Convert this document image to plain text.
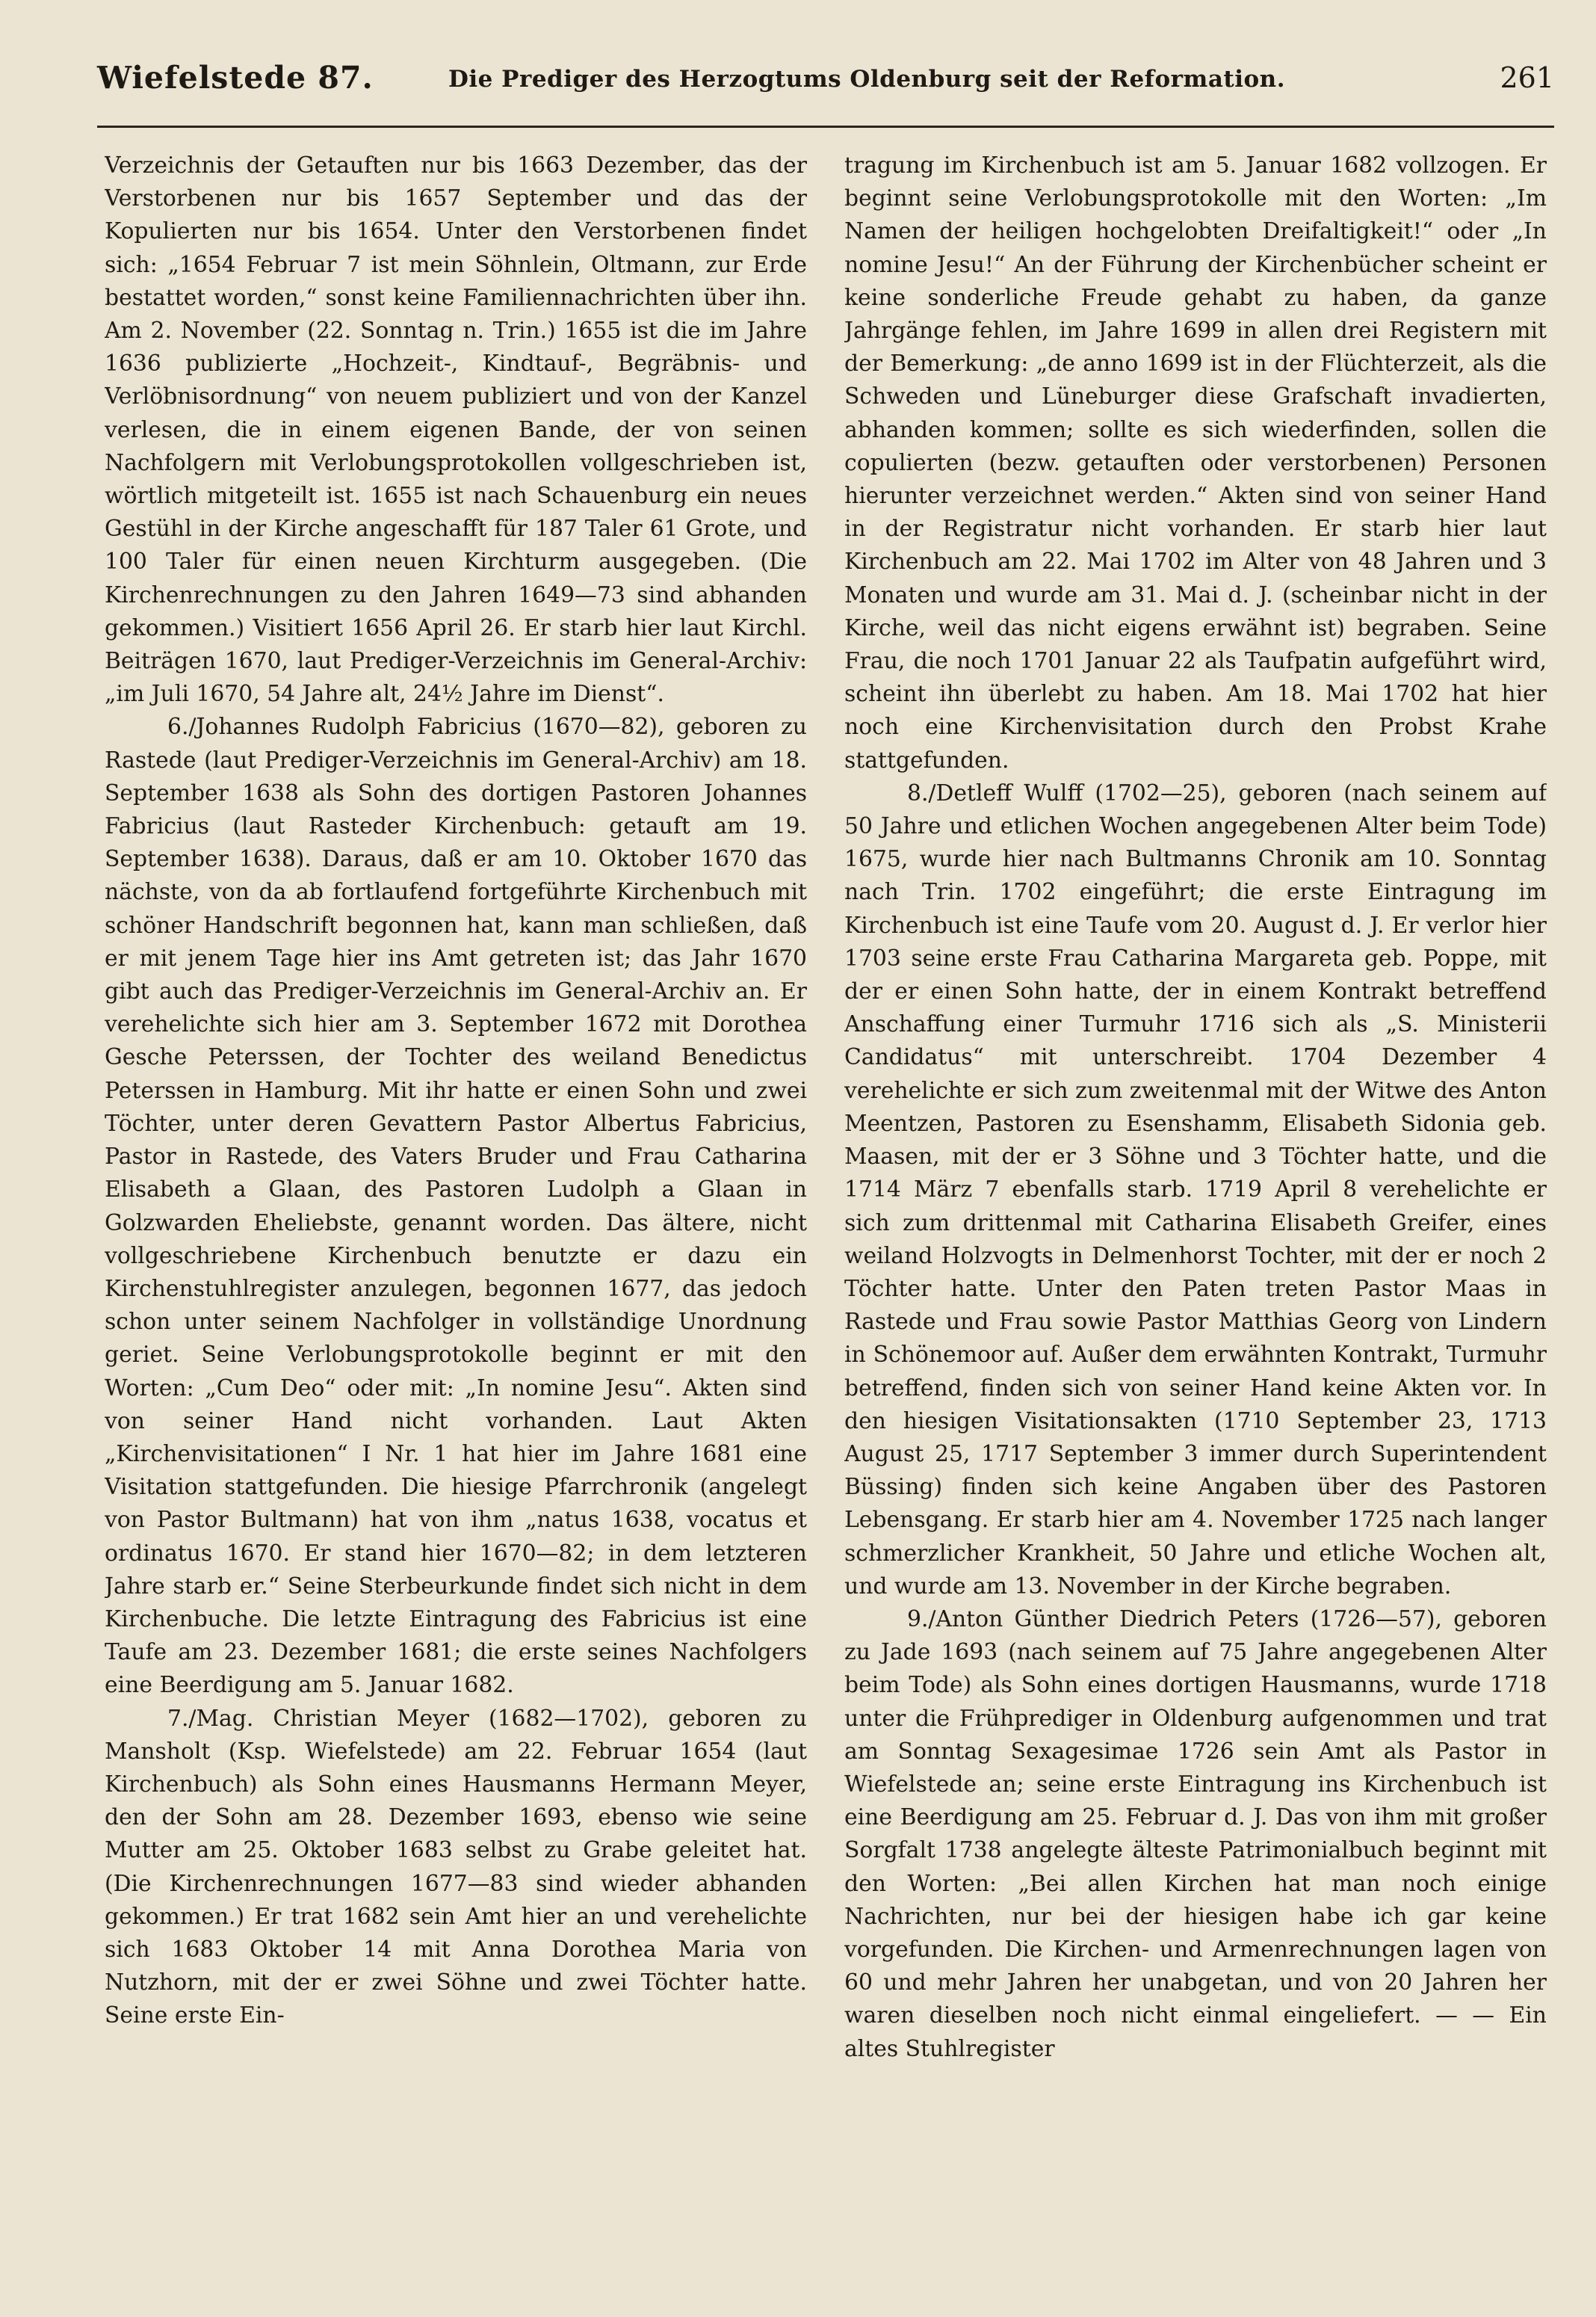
Wiefelstede 87.	Die Prediger des Herzogtums Oldenburg seit der Reformation.	261

Verzeichnis der Getauften nur bis 1663 Dezember, das der Verstorbenen nur bis 1657 September und das der Kopulierten nur bis 1654. Unter den Verstorbenen findet sich: „1654 Februar 7 ist mein Söhnlein, Oltmann, zur Erde bestattet worden,“ sonst keine Familiennachrichten über ihn. Am 2. November (22. Sonntag n. Trin.) 1655 ist die im Jahre 1636 publizierte „Hochzeit-, Kindtauf-, Begräbnis- und Verlöbnisordnung“ von neuem publiziert und von der Kanzel verlesen, die in einem eigenen Bande, der von seinen Nachfolgern mit Verlobungsprotokollen vollgeschrieben ist, wörtlich mitgeteilt ist. 1655 ist nach Schauenburg ein neues Gestühl in der Kirche angeschafft für 187 Taler 61 Grote, und 100 Taler für einen neuen Kirchturm ausgegeben. (Die Kirchenrechnungen zu den Jahren 1649—73 sind abhanden gekommen.) Visitiert 1656 April 26. Er starb hier laut Kirchl. Beiträgen 1670, laut Prediger-Verzeichnis im General-Archiv: „im Juli 1670, 54 Jahre alt, 24½ Jahre im Dienst“.

6./Johannes Rudolph Fabricius (1670—82), geboren zu Rastede (laut Prediger-Verzeichnis im General-Archiv) am 18. September 1638 als Sohn des dortigen Pastoren Johannes Fabricius (laut Rasteder Kirchenbuch: getauft am 19. September 1638). Daraus, daß er am 10. Oktober 1670 das nächste, von da ab fortlaufend fortgeführte Kirchenbuch mit schöner Handschrift begonnen hat, kann man schließen, daß er mit jenem Tage hier ins Amt getreten ist; das Jahr 1670 gibt auch das Prediger-Verzeichnis im General-Archiv an. Er verehelichte sich hier am 3. September 1672 mit Dorothea Gesche Peterssen, der Tochter des weiland Benedictus Peterssen in Hamburg. Mit ihr hatte er einen Sohn und zwei Töchter, unter deren Gevattern Pastor Albertus Fabricius, Pastor in Rastede, des Vaters Bruder und Frau Catharina Elisabeth a Glaan, des Pastoren Ludolph a Glaan in Golzwarden Eheliebste, genannt worden. Das ältere, nicht vollgeschriebene Kirchenbuch benutzte er dazu ein Kirchenstuhlregister anzulegen, begonnen 1677, das jedoch schon unter seinem Nachfolger in vollständige Unordnung geriet. Seine Verlobungsprotokolle beginnt er mit den Worten: „Cum Deo“ oder mit: „In nomine Jesu“. Akten sind von seiner Hand nicht vorhanden. Laut Akten „Kirchenvisitationen“ I Nr. 1 hat hier im Jahre 1681 eine Visitation stattgefunden. Die hiesige Pfarrchronik (angelegt von Pastor Bultmann) hat von ihm „natus 1638, vocatus et ordinatus 1670. Er stand hier 1670—82; in dem letzteren Jahre starb er.“ Seine Sterbeurkunde findet sich nicht in dem Kirchenbuche. Die letzte Eintragung des Fabricius ist eine Taufe am 23. Dezember 1681; die erste seines Nachfolgers eine Beerdigung am 5. Januar 1682.

7./Mag. Christian Meyer (1682—1702), geboren zu Mansholt (Ksp. Wiefelstede) am 22. Februar 1654 (laut Kirchenbuch) als Sohn eines Hausmanns Hermann Meyer, den der Sohn am 28. Dezember 1693, ebenso wie seine Mutter am 25. Oktober 1683 selbst zu Grabe geleitet hat. (Die Kirchenrechnungen 1677—83 sind wieder abhanden gekommen.) Er trat 1682 sein Amt hier an und verehelichte sich 1683 Oktober 14 mit Anna Dorothea Maria von Nutzhorn, mit der er zwei Söhne und zwei Töchter hatte. Seine erste Ein-

tragung im Kirchenbuch ist am 5. Januar 1682 vollzogen. Er beginnt seine Verlobungsprotokolle mit den Worten: „Im Namen der heiligen hochgelobten Dreifaltigkeit!“ oder „In nomine Jesu!“ An der Führung der Kirchenbücher scheint er keine sonderliche Freude gehabt zu haben, da ganze Jahrgänge fehlen, im Jahre 1699 in allen drei Registern mit der Bemerkung: „de anno 1699 ist in der Flüchterzeit, als die Schweden und Lüneburger diese Grafschaft invadierten, abhanden kommen; sollte es sich wiederfinden, sollen die copulierten (bezw. getauften oder verstorbenen) Personen hierunter verzeichnet werden.“ Akten sind von seiner Hand in der Registratur nicht vorhanden. Er starb hier laut Kirchenbuch am 22. Mai 1702 im Alter von 48 Jahren und 3 Monaten und wurde am 31. Mai d. J. (scheinbar nicht in der Kirche, weil das nicht eigens erwähnt ist) begraben. Seine Frau, die noch 1701 Januar 22 als Taufpatin aufgeführt wird, scheint ihn überlebt zu haben. Am 18. Mai 1702 hat hier noch eine Kirchenvisitation durch den Probst Krahe stattgefunden.

8./Detleff Wulff (1702—25), geboren (nach seinem auf 50 Jahre und etlichen Wochen angegebenen Alter beim Tode) 1675, wurde hier nach Bultmanns Chronik am 10. Sonntag nach Trin. 1702 eingeführt; die erste Eintragung im Kirchenbuch ist eine Taufe vom 20. August d. J. Er verlor hier 1703 seine erste Frau Catharina Margareta geb. Poppe, mit der er einen Sohn hatte, der in einem Kontrakt betreffend Anschaffung einer Turmuhr 1716 sich als „S. Ministerii Candidatus“ mit unterschreibt. 1704 Dezember 4 verehelichte er sich zum zweitenmal mit der Witwe des Anton Meentzen, Pastoren zu Esenshamm, Elisabeth Sidonia geb. Maasen, mit der er 3 Söhne und 3 Töchter hatte, und die 1714 März 7 ebenfalls starb. 1719 April 8 verehelichte er sich zum drittenmal mit Catharina Elisabeth Greifer, eines weiland Holzvogts in Delmenhorst Tochter, mit der er noch 2 Töchter hatte. Unter den Paten treten Pastor Maas in Rastede und Frau sowie Pastor Matthias Georg von Lindern in Schönemoor auf. Außer dem erwähnten Kontrakt, Turmuhr betreffend, finden sich von seiner Hand keine Akten vor. In den hiesigen Visitationsakten (1710 September 23, 1713 August 25, 1717 September 3 immer durch Superintendent Büssing) finden sich keine Angaben über des Pastoren Lebensgang. Er starb hier am 4. November 1725 nach langer schmerzlicher Krankheit, 50 Jahre und etliche Wochen alt, und wurde am 13. November in der Kirche begraben.

9./Anton Günther Diedrich Peters (1726—57), geboren zu Jade 1693 (nach seinem auf 75 Jahre angegebenen Alter beim Tode) als Sohn eines dortigen Hausmanns, wurde 1718 unter die Frühprediger in Oldenburg aufgenommen und trat am Sonntag Sexagesimae 1726 sein Amt als Pastor in Wiefelstede an; seine erste Eintragung ins Kirchenbuch ist eine Beerdigung am 25. Februar d. J. Das von ihm mit großer Sorgfalt 1738 angelegte älteste Patrimonialbuch beginnt mit den Worten: „Bei allen Kirchen hat man noch einige Nachrichten, nur bei der hiesigen habe ich gar keine vorgefunden. Die Kirchen- und Armenrechnungen lagen von 60 und mehr Jahren her unabgetan, und von 20 Jahren her waren dieselben noch nicht einmal eingeliefert. — — Ein altes Stuhlregister
